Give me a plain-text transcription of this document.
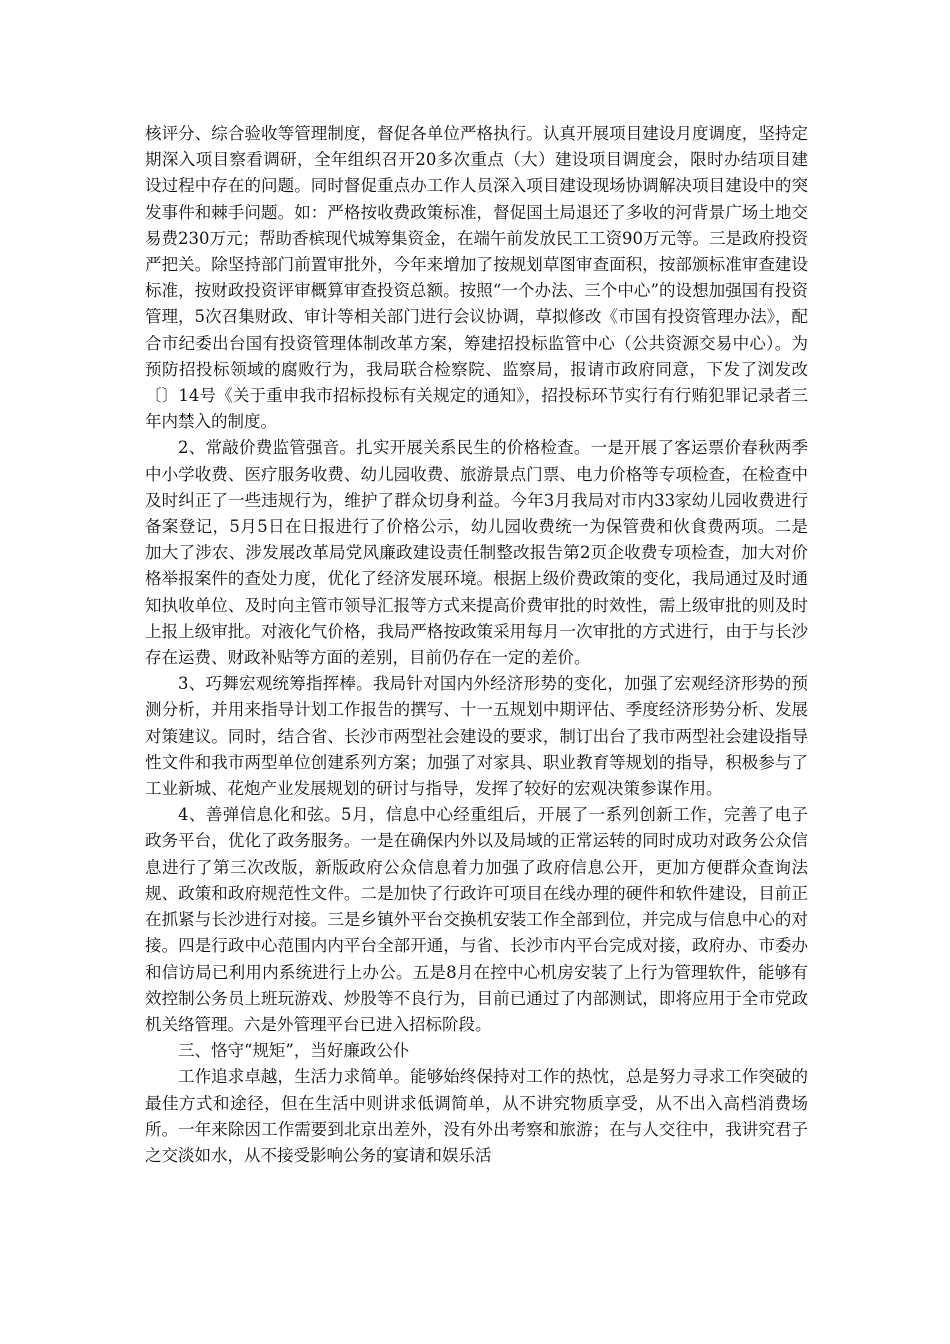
核评分、综合验收等管理制度，督促各单位严格执行。认真开展项目建设月度调度，坚持定期深入项目察看调研，全年组织召开20多次重点（大）建设项目调度会，限时办结项目建设过程中存在的问题。同时督促重点办工作人员深入项目建设现场协调解决项目建设中的突发事件和棘手问题。如：严格按收费政策标准，督促国土局退还了多收的河背景广场土地交易费230万元；帮助香槟现代城筹集资金，在端午前发放民工工资90万元等。三是政府投资严把关。除坚持部门前置审批外，今年来增加了按规划草图审查面积，按部颁标准审查建设标准，按财政投资评审概算审查投资总额。按照“一个办法、三个中心”的设想加强国有投资管理，5次召集财政、审计等相关部门进行会议协调，草拟修改《市国有投资管理办法》，配合市纪委出台国有投资管理体制改革方案，筹建招投标监管中心（公共资源交易中心）。为预防招投标领域的腐败行为，我局联合检察院、监察局，报请市政府同意，下发了浏发改〔〕14号《关于重申我市招标投标有关规定的通知》，招投标环节实行有行贿犯罪记录者三年内禁入的制度。

2、常敲价费监管强音。扎实开展关系民生的价格检查。一是开展了客运票价春秋两季中小学收费、医疗服务收费、幼儿园收费、旅游景点门票、电力价格等专项检查，在检查中及时纠正了一些违规行为，维护了群众切身利益。今年3月我局对市内33家幼儿园收费进行备案登记，5月5日在日报进行了价格公示，幼儿园收费统一为保管费和伙食费两项。二是加大了涉农、涉发展改革局党风廉政建设责任制整改报告第2页企收费专项检查，加大对价格举报案件的查处力度，优化了经济发展环境。根据上级价费政策的变化，我局通过及时通知执收单位、及时向主管市领导汇报等方式来提高价费审批的时效性，需上级审批的则及时上报上级审批。对液化气价格，我局严格按政策采用每月一次审批的方式进行，由于与长沙存在运费、财政补贴等方面的差别，目前仍存在一定的差价。

3、巧舞宏观统筹指挥棒。我局针对国内外经济形势的变化，加强了宏观经济形势的预测分析，并用来指导计划工作报告的撰写、十一五规划中期评估、季度经济形势分析、发展对策建议。同时，结合省、长沙市两型社会建设的要求，制订出台了我市两型社会建设指导性文件和我市两型单位创建系列方案；加强了对家具、职业教育等规划的指导，积极参与了工业新城、花炮产业发展规划的研讨与指导，发挥了较好的宏观决策参谋作用。

4、善弹信息化和弦。5月，信息中心经重组后，开展了一系列创新工作，完善了电子政务平台，优化了政务服务。一是在确保内外以及局域的正常运转的同时成功对政务公众信息进行了第三次改版，新版政府公众信息着力加强了政府信息公开，更加方便群众查询法规、政策和政府规范性文件。二是加快了行政许可项目在线办理的硬件和软件建设，目前正在抓紧与长沙进行对接。三是乡镇外平台交换机安装工作全部到位，并完成与信息中心的对接。四是行政中心范围内内平台全部开通，与省、长沙市内平台完成对接，政府办、市委办和信访局已利用内系统进行上办公。五是8月在控中心机房安装了上行为管理软件，能够有效控制公务员上班玩游戏、炒股等不良行为，目前已通过了内部测试，即将应用于全市党政机关络管理。六是外管理平台已进入招标阶段。

三、恪守“规矩”，当好廉政公仆

工作追求卓越，生活力求简单。能够始终保持对工作的热忱，总是努力寻求工作突破的最佳方式和途径，但在生活中则讲求低调简单，从不讲究物质享受，从不出入高档消费场所。一年来除因工作需要到北京出差外，没有外出考察和旅游；在与人交往中，我讲究君子之交淡如水，从不接受影响公务的宴请和娱乐活
